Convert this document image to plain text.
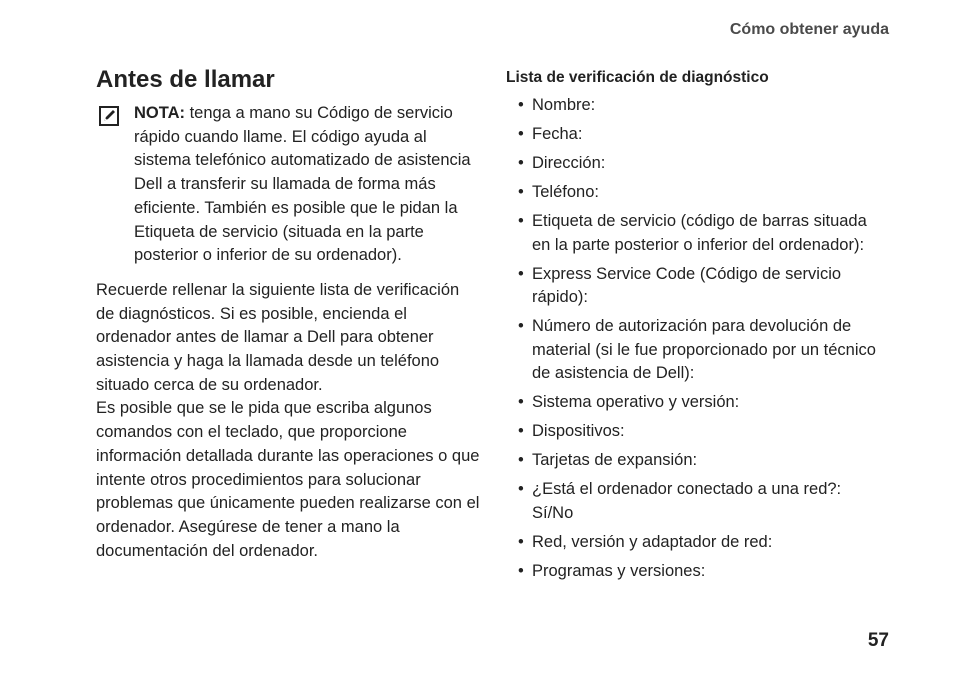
Cómo obtener ayuda
Antes de llamar
NOTA: tenga a mano su Código de servicio rápido cuando llame. El código ayuda al sistema telefónico automatizado de asistencia Dell a transferir su llamada de forma más eficiente. También es posible que le pidan la Etiqueta de servicio (situada en la parte posterior o inferior de su ordenador).

Recuerde rellenar la siguiente lista de verificación de diagnósticos. Si es posible, encienda el ordenador antes de llamar a Dell para obtener asistencia y haga la llamada desde un teléfono situado cerca de su ordenador.

Es posible que se le pida que escriba algunos comandos con el teclado, que proporcione información detallada durante las operaciones o que intente otros procedimientos para solucionar problemas que únicamente pueden realizarse con el ordenador. Asegúrese de tener a mano la documentación del ordenador.

Lista de verificación de diagnóstico
• Nombre:
• Fecha:
• Dirección:
• Teléfono:
• Etiqueta de servicio (código de barras situada en la parte posterior o inferior del ordenador):
• Express Service Code (Código de servicio rápido):
• Número de autorización para devolución de material (si le fue proporcionado por un técnico de asistencia de Dell):
• Sistema operativo y versión:
• Dispositivos:
• Tarjetas de expansión:
• ¿Está el ordenador conectado a una red?: Sí/No
• Red, versión y adaptador de red:
• Programas y versiones:
57
